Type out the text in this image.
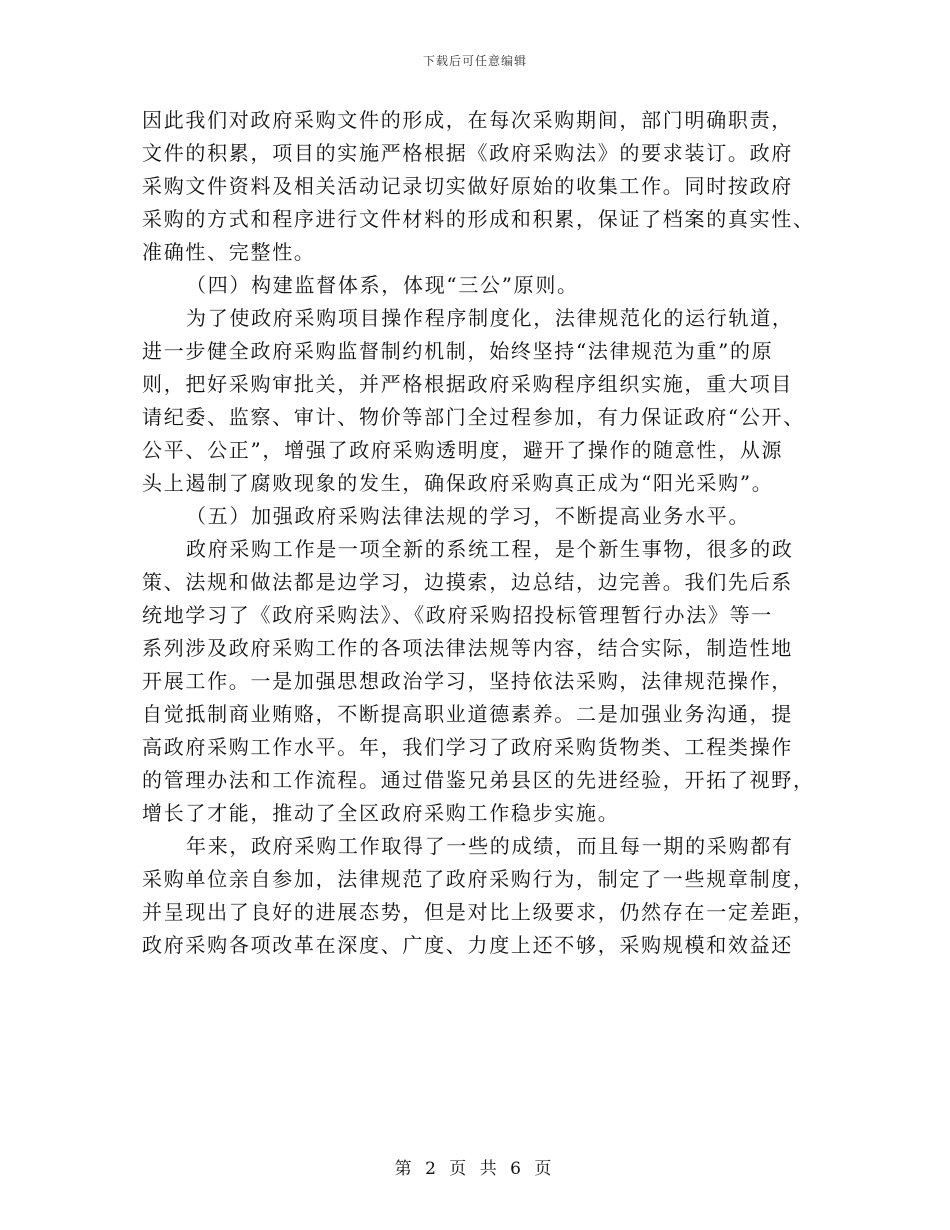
下载后可任意编辑
因此我们对政府采购文件的形成，在每次采购期间，部门明确职责，
文件的积累，项目的实施严格根据《政府采购法》的要求装订。政府
采购文件资料及相关活动记录切实做好原始的收集工作。同时按政府
采购的方式和程序进行文件材料的形成和积累，保证了档案的真实性、
准确性、完整性。
（四）构建监督体系，体现“三公”原则。
为了使政府采购项目操作程序制度化，法律规范化的运行轨道，
进一步健全政府采购监督制约机制，始终坚持“法律规范为重”的原
则，把好采购审批关，并严格根据政府采购程序组织实施，重大项目
请纪委、监察、审计、物价等部门全过程参加，有力保证政府“公开、
公平、公正”，增强了政府采购透明度，避开了操作的随意性，从源
头上遏制了腐败现象的发生，确保政府采购真正成为“阳光采购”。
（五）加强政府采购法律法规的学习，不断提高业务水平。
政府采购工作是一项全新的系统工程，是个新生事物，很多的政
策、法规和做法都是边学习，边摸索，边总结，边完善。我们先后系
统地学习了《政府采购法》、《政府采购招投标管理暂行办法》等一
系列涉及政府采购工作的各项法律法规等内容，结合实际，制造性地
开展工作。一是加强思想政治学习，坚持依法采购，法律规范操作，
自觉抵制商业贿赂，不断提高职业道德素养。二是加强业务沟通，提
高政府采购工作水平。年，我们学习了政府采购货物类、工程类操作
的管理办法和工作流程。通过借鉴兄弟县区的先进经验，开拓了视野，
增长了才能，推动了全区政府采购工作稳步实施。
年来，政府采购工作取得了一些的成绩，而且每一期的采购都有
采购单位亲自参加，法律规范了政府采购行为，制定了一些规章制度，
并呈现出了良好的进展态势，但是对比上级要求，仍然存在一定差距，
政府采购各项改革在深度、广度、力度上还不够，采购规模和效益还
第 2 页 共 6 页
